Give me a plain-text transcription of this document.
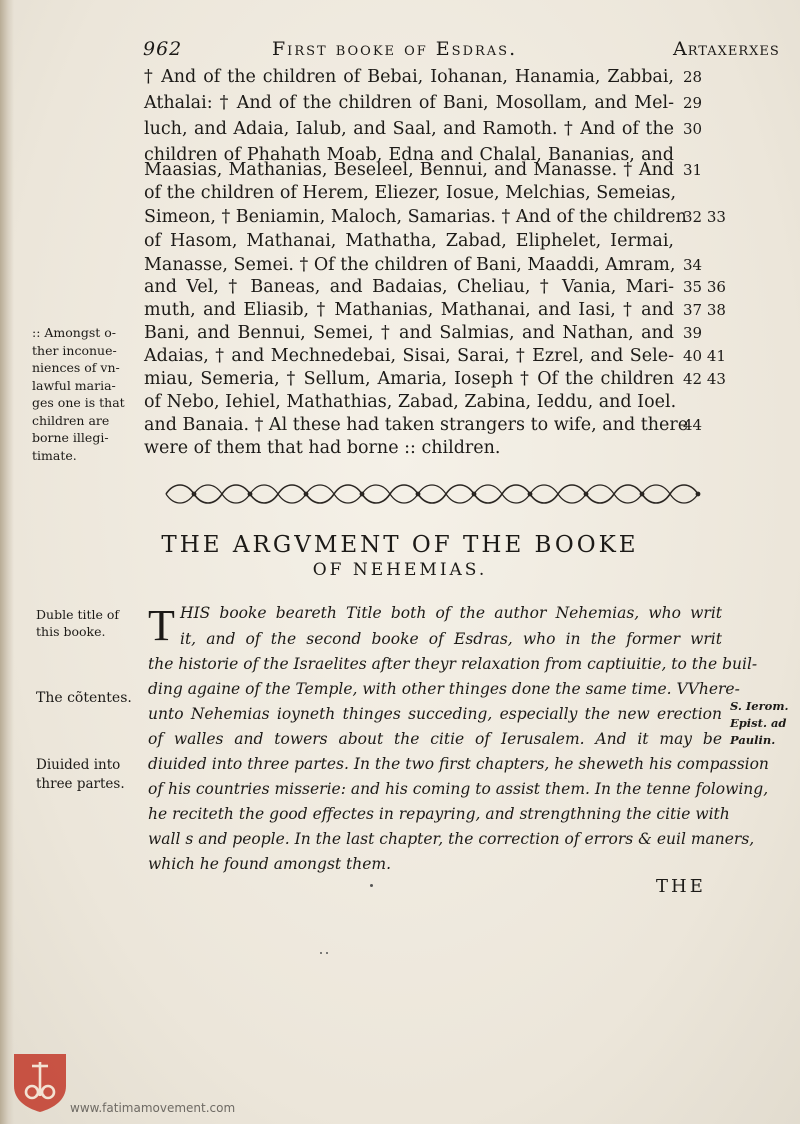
962	First booke of Esdras.	Artaxerxes
† And of the children of Bebai, Iohanan, Hanamia, Zabbai, 28
Athalai: † And of the children of Bani, Mosollam, and Mel- 29
luch, and Adaia, Ialub, and Saal, and Ramoth. † And of the 30
children of Phahath Moab, Edna and Chalal, Bananias, and
Maasias, Mathanias, Beseleel, Bennui, and Manasse. † And 31
of the children of Herem, Eliezer, Iosue, Melchias, Semeias,
Simeon, † Beniamin, Maloch, Samarias. † And of the children
32 33
of Hasom, Mathanai, Mathatha, Zabad, Eliphelet, Iermai,
Manasse, Semei. † Of the children of Bani, Maaddi, Amram, 34
and Vel, † Baneas, and Badaias, Cheliau, † Vania, Mari- 35 36
muth, and Eliasib, † Mathanias, Mathanai, and Iasi, † and 37 38
Bani, and Bennui, Semei, † and Salmias, and Nathan, and 39
Adaias, † and Mechnedebai, Sisai, Sarai, † Ezrel, and Sele- 40 41
miau, Semeria, † Sellum, Amaria, Ioseph † Of the children 42 43
of Nebo, Iehiel, Mathathias, Zabad, Zabina, Ieddu, and Ioel.
and Banaia. † Al these had taken strangers to wife, and there
44
were of them that had borne :: children.
:: Amongst o-
ther inconue-
niences of vn-
lawful maria-
ges one is that
children are
borne illegi-
timate.
THE ARGVMENT OF THE BOOKE
OF NEHEMIAS.
T HIS booke beareth Title both of the author Nehemias, who writ
it, and of the second booke of Esdras, who in the former writ
the historie of the Israelites after theyr relaxation from captiuitie, to the buil-
ding againe of the Temple, with other thinges done the same time. VVhere-
unto Nehemias ioyneth thinges succeding, especially the new erection
of walles and towers about the citie of Ierusalem. And it may be
diuided into three partes. In the two first chapters, he sheweth his compassion
of his countries misserie: and his coming to assist them. In the tenne folowing,
he reciteth the good effectes in repayring, and strengthning the citie with
wall s and people. In the last chapter, the correction of errors & euil maners,
which he found amongst them.
Duble title of
this booke.
The cõtentes.
Diuided into
three partes.
S. Ierom.
Epist. ad
Paulin.
THE
www.fatimamovement.com
